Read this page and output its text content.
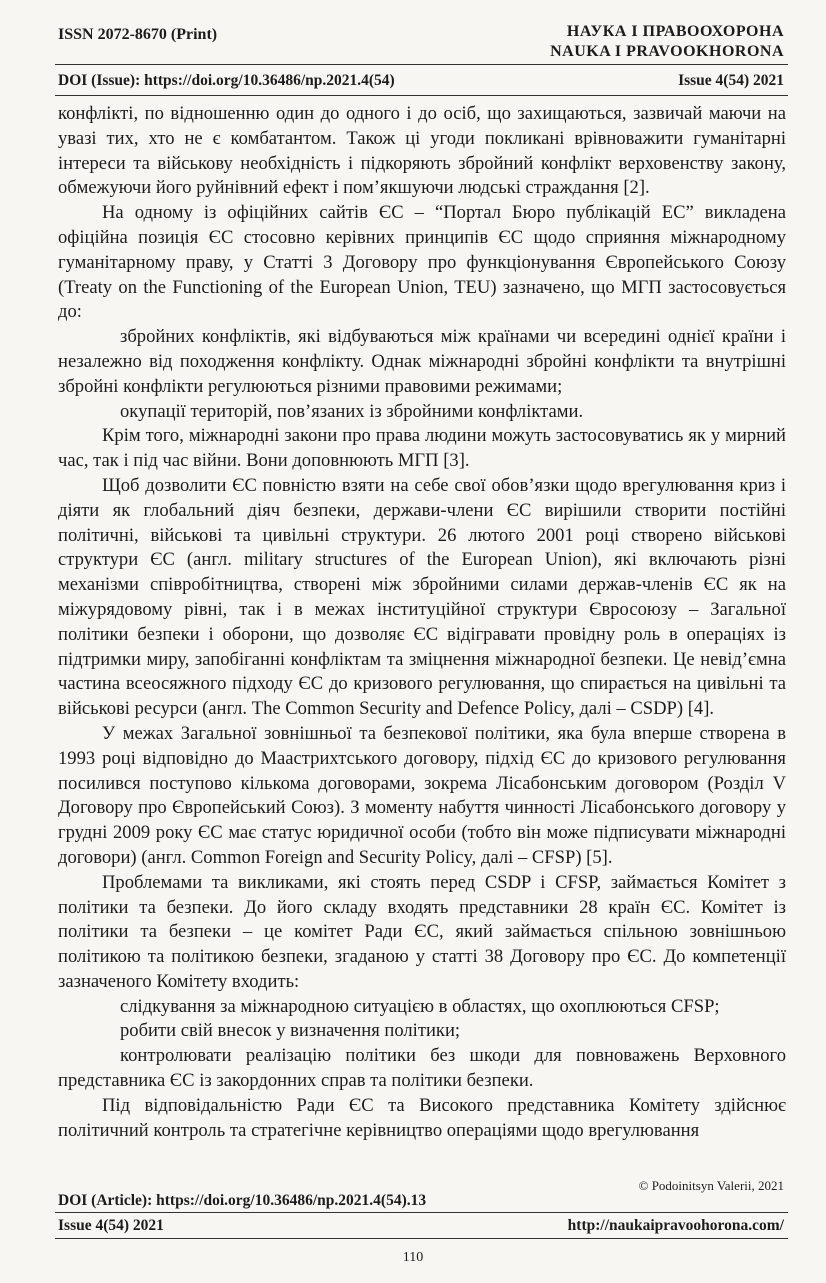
ISSN 2072-8670 (Print)	НАУКА І ПРАВООХОРОНА
NAUKA I PRAVOOKHORONA
DOI (Issue): https://doi.org/10.36486/np.2021.4(54)	Issue 4(54) 2021

конфлікті, по відношенню один до одного і до осіб, що захищаються, зазвичай маючи на увазі тих, хто не є комбатантом. Також ці угоди покликані врівноважити гуманітарні інтереси та військову необхідність і підкоряють збройний конфлікт верховенству закону, обмежуючи його руйнівний ефект і пом’якшуючи людські страждання [2].

На одному із офіційних сайтів ЄС – “Портал Бюро публікацій ЕС” викладена офіційна позиція ЄС стосовно керівних принципів ЄС щодо сприяння міжнародному гуманітарному праву, у Статті 3 Договору про функціонування Європейського Союзу (Treaty on the Functioning of the European Union, TEU) зазначено, що МГП застосовується до:

збройних конфліктів, які відбуваються між країнами чи всередині однієї країни і незалежно від походження конфлікту. Однак міжнародні збройні конфлікти та внутрішні збройні конфлікти регулюються різними правовими режимами;

окупації територій, пов’язаних із збройними конфліктами.

Крім того, міжнародні закони про права людини можуть застосовуватись як у мирний час, так і під час війни. Вони доповнюють МГП [3].

Щоб дозволити ЄС повністю взяти на себе свої обов’язки щодо врегулювання криз і діяти як глобальний діяч безпеки, держави-члени ЄС вирішили створити постійні політичні, військові та цивільні структури. 26 лютого 2001 році створено військові структури ЄС (англ. military structures of the European Union), які включають різні механізми співробітництва, створені між збройними силами держав-членів ЄС як на міжурядовому рівні, так і в межах інституційної структури Євросоюзу – Загальної політики безпеки і оборони, що дозволяє ЄС відігравати провідну роль в операціях із підтримки миру, запобіганні конфліктам та зміцнення міжнародної безпеки. Це невід’ємна частина всеосяжного підходу ЄС до кризового регулювання, що спирається на цивільні та військові ресурси (англ. The Common Security and Defence Policy, далі – CSDP) [4].

У межах Загальної зовнішньої та безпекової політики, яка була вперше створена в 1993 році відповідно до Маастрихтського договору, підхід ЄС до кризового регулювання посилився поступово кількома договорами, зокрема Лісабонським договором (Розділ V Договору про Європейський Союз). З моменту набуття чинності Лісабонського договору у грудні 2009 року ЄС має статус юридичної особи (тобто він може підписувати міжнародні договори) (англ. Common Foreign and Security Policy, далі – CFSP) [5].

Проблемами та викликами, які стоять перед CSDP і CFSP, займається Комітет з політики та безпеки. До його складу входять представники 28 країн ЄС. Комітет із політики та безпеки – це комітет Ради ЄС, який займається спільною зовнішньою політикою та політикою безпеки, згаданою у статті 38 Договору про ЄС. До компетенції зазначеного Комітету входить:

слідкування за міжнародною ситуацією в областях, що охоплюються CFSP;

робити свій внесок у визначення політики;

контролювати реалізацію політики без шкоди для повноважень Верховного представника ЄС із закордонних справ та політики безпеки.

Під відповідальністю Ради ЄС та Високого представника Комітету здійснює політичний контроль та стратегічне керівництво операціями щодо врегулювання

© Podoinitsyn Valerii, 2021
DOI (Article): https://doi.org/10.36486/np.2021.4(54).13
Issue 4(54) 2021	http://naukaipravoohorona.com/
110
